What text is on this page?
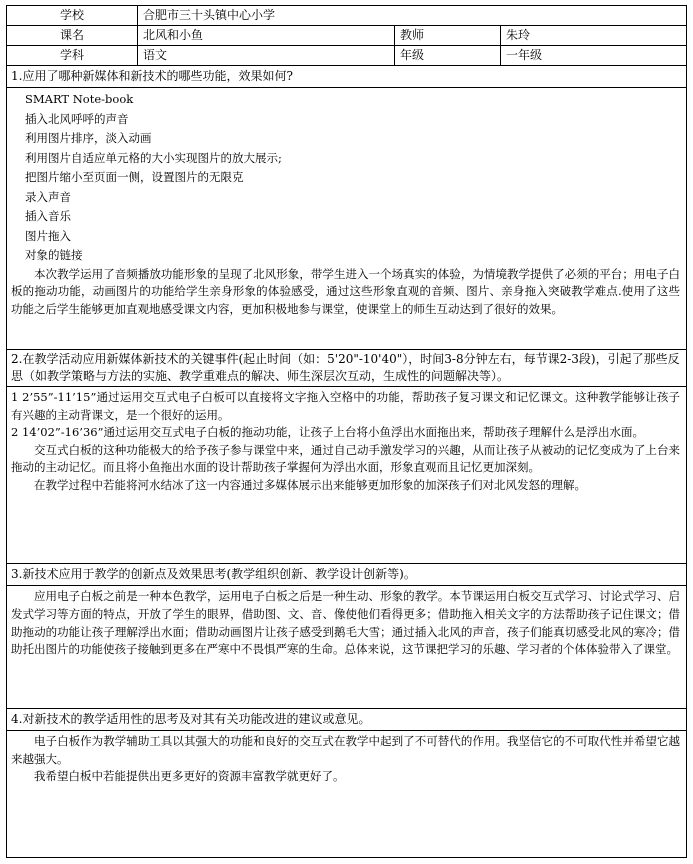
学校	合肥市三十头镇中心小学
课名	北风和小鱼	教师	朱玲
学科	语文	年级	一年级
1.应用了哪种新媒体和新技术的哪些功能，效果如何?
SMART Note-book
插入北风呼呼的声音
利用图片排序，淡入动画
利用图片自适应单元格的大小实现图片的放大展示;
把图片缩小至页面一侧，设置图片的无限克
录入声音
插入音乐
图片拖入
对象的链接

本次教学运用了音频播放功能形象的呈现了北风形象，带学生进入一个场真实的体验，为情境教学提供了必须的平台；用电子白板的拖动功能，动画图片的功能给学生亲身形象的体验感受，通过这些形象直观的音频、图片、亲身拖入突破教学难点.使用了这些功能之后学生能够更加直观地感受课文内容，更加积极地参与课堂，使课堂上的师生互动达到了很好的效果。

2.在教学活动应用新媒体新技术的关键事件(起止时间（如：5'20"-10'40"），时间3-8分钟左右，每节课2-3段)，引起了那些反思（如教学策略与方法的实施、教学重难点的解决、师生深层次互动，生成性的问题解决等）。

1 2’55”-11’15”通过运用交互式电子白板可以直接将文字拖入空格中的功能，帮助孩子复习课文和记忆课文。这种教学能够让孩子有兴趣的主动背课文，是一个很好的运用。

2 14’02”-16’36”通过运用交互式电子白板的拖动功能，让孩子上台将小鱼浮出水面拖出来，帮助孩子理解什么是浮出水面。

交互式白板的这种功能极大的给予孩子参与课堂中来，通过自己动手激发学习的兴趣，从而让孩子从被动的记忆变成为了上台来拖动的主动记忆。而且将小鱼拖出水面的设计帮助孩子掌握何为浮出水面，形象直观而且记忆更加深刻。

在教学过程中若能将河水结冰了这一内容通过多媒体展示出来能够更加形象的加深孩子们对北风发怒的理解。

3.新技术应用于教学的创新点及效果思考(教学组织创新、教学设计创新等)。

应用电子白板之前是一种本色教学，运用电子白板之后是一种生动、形象的教学。本节课运用白板交互式学习、讨论式学习、启发式学习等方面的特点，开放了学生的眼界，借助图、文、音、像使他们看得更多；借助拖入相关文字的方法帮助孩子记住课文；借助拖动的功能让孩子理解浮出水面；借助动画图片让孩子感受到鹅毛大雪；通过插入北风的声音，孩子们能真切感受北风的寒冷；借助托出图片的功能使孩子接触到更多在严寒中不畏惧严寒的生命。总体来说，这节课把学习的乐趣、学习者的个体体验带入了课堂。

4.对新技术的教学适用性的思考及对其有关功能改进的建议或意见。

电子白板作为教学辅助工具以其强大的功能和良好的交互式在教学中起到了不可替代的作用。我坚信它的不可取代性并希望它越来越强大。

我希望白板中若能提供出更多更好的资源丰富教学就更好了。
